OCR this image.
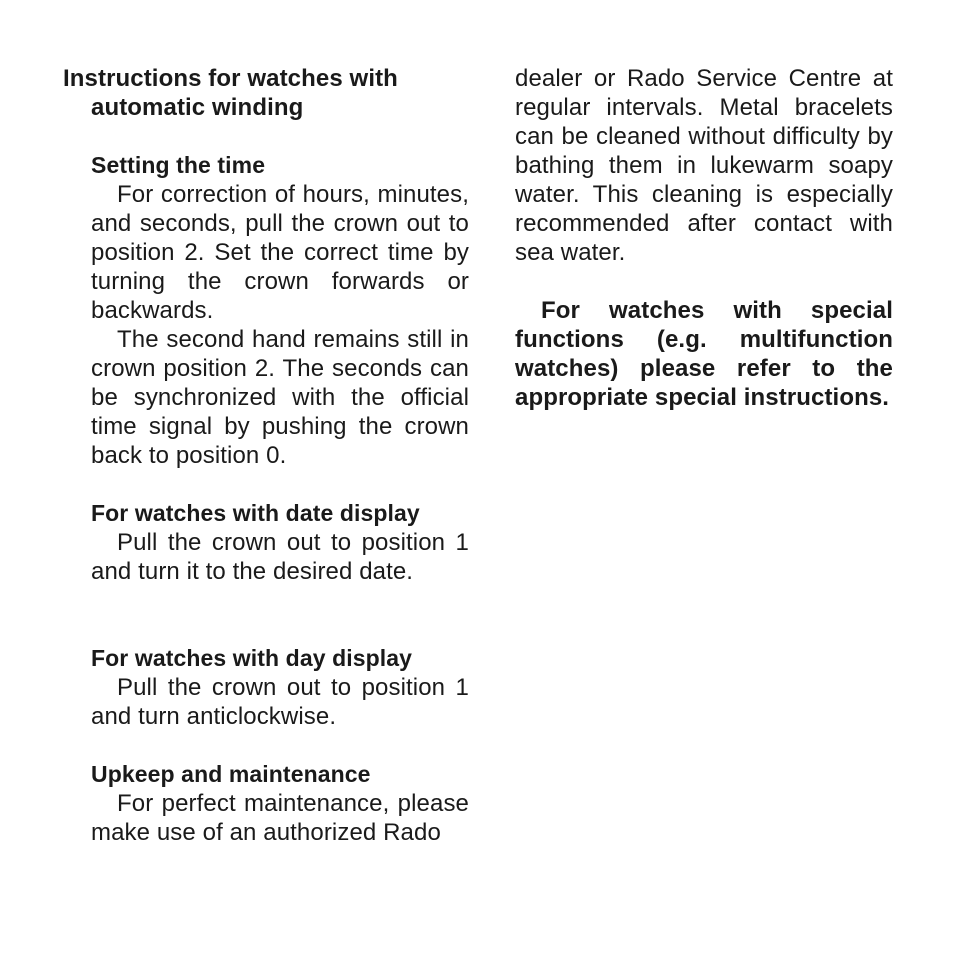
Instructions for watches with automatic winding
Setting the time

For correction of hours, minutes, and seconds, pull the crown out to position 2. Set the correct time by turning the crown forwards or backwards.

The second hand remains still in crown position 2. The seconds can be synchronized with the official time signal by pushing the crown back to position 0.

For watches with date display

Pull the crown out to position 1 and turn it to the desired date.

For watches with day display

Pull the crown out to position 1 and turn anticlockwise.

Upkeep and maintenance

For perfect maintenance, please make use of an authorized Rado

dealer or Rado Service Centre at regular intervals. Metal bracelets can be cleaned without difficulty by bathing them in lukewarm soapy water. This cleaning is especially recommended after contact with sea water.

For watches with special functions (e.g. multifunction watches) please refer to the appropriate special instructions.
